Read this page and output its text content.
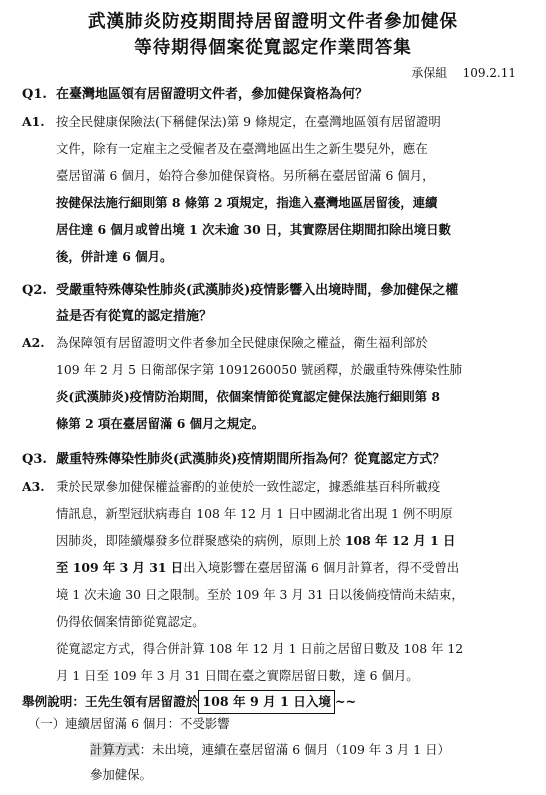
武漢肺炎防疫期間持居留證明文件者參加健保
等待期得個案從寬認定作業問答集
承保組 109.2.11
Q1. 在臺灣地區領有居留證明文件者，參加健保資格為何？
A1. 按全民健康保險法(下稱健保法)第 9 條規定，在臺灣地區領有居留證明
文件，除有一定雇主之受僱者及在臺灣地區出生之新生嬰兒外，應在
臺居留滿 6 個月，始符合參加健保資格。另所稱在臺居留滿 6 個月，
按健保法施行細則第 8 條第 2 項規定，指進入臺灣地區居留後，連續
居住達 6 個月或曾出境 1 次未逾 30 日，其實際居住期間扣除出境日數
後，併計達 6 個月。
Q2. 受嚴重特殊傳染性肺炎(武漢肺炎)疫情影響入出境時間，參加健保之權
益是否有從寬的認定措施？
A2. 為保障領有居留證明文件者參加全民健康保險之權益，衛生福利部於
109 年 2 月 5 日衛部保字第 1091260050 號函釋，於嚴重特殊傳染性肺
炎(武漢肺炎)疫情防治期間，依個案情節從寬認定健保法施行細則第 8
條第 2 項在臺居留滿 6 個月之規定。
Q3. 嚴重特殊傳染性肺炎(武漢肺炎)疫情期間所指為何？從寬認定方式？
A3. 秉於民眾參加健保權益審酌的並使於一致性認定，據悉維基百科所載疫
情訊息，新型冠狀病毒自 108 年 12 月 1 日中國湖北省出現 1 例不明原
因肺炎，即陸續爆發多位群聚感染的病例，原則上於 108 年 12 月 1 日
至 109 年 3 月 31 日出入境影響在臺居留滿 6 個月計算者，得不受曾出
境 1 次未逾 30 日之限制。至於 109 年 3 月 31 日以後倘疫情尚未結束，
仍得依個案情節從寬認定。
從寬認定方式，得合併計算 108 年 12 月 1 日前之居留日數及 108 年 12
月 1 日至 109 年 3 月 31 日間在臺之實際居留日數，達 6 個月。
舉例說明：王先生領有居留證於 108 年 9 月 1 日入境 ~~
（一）連續居留滿 6 個月：不受影響
計算方式：未出境，連續在臺居留滿 6 個月（109 年 3 月 1 日）
參加健保。
